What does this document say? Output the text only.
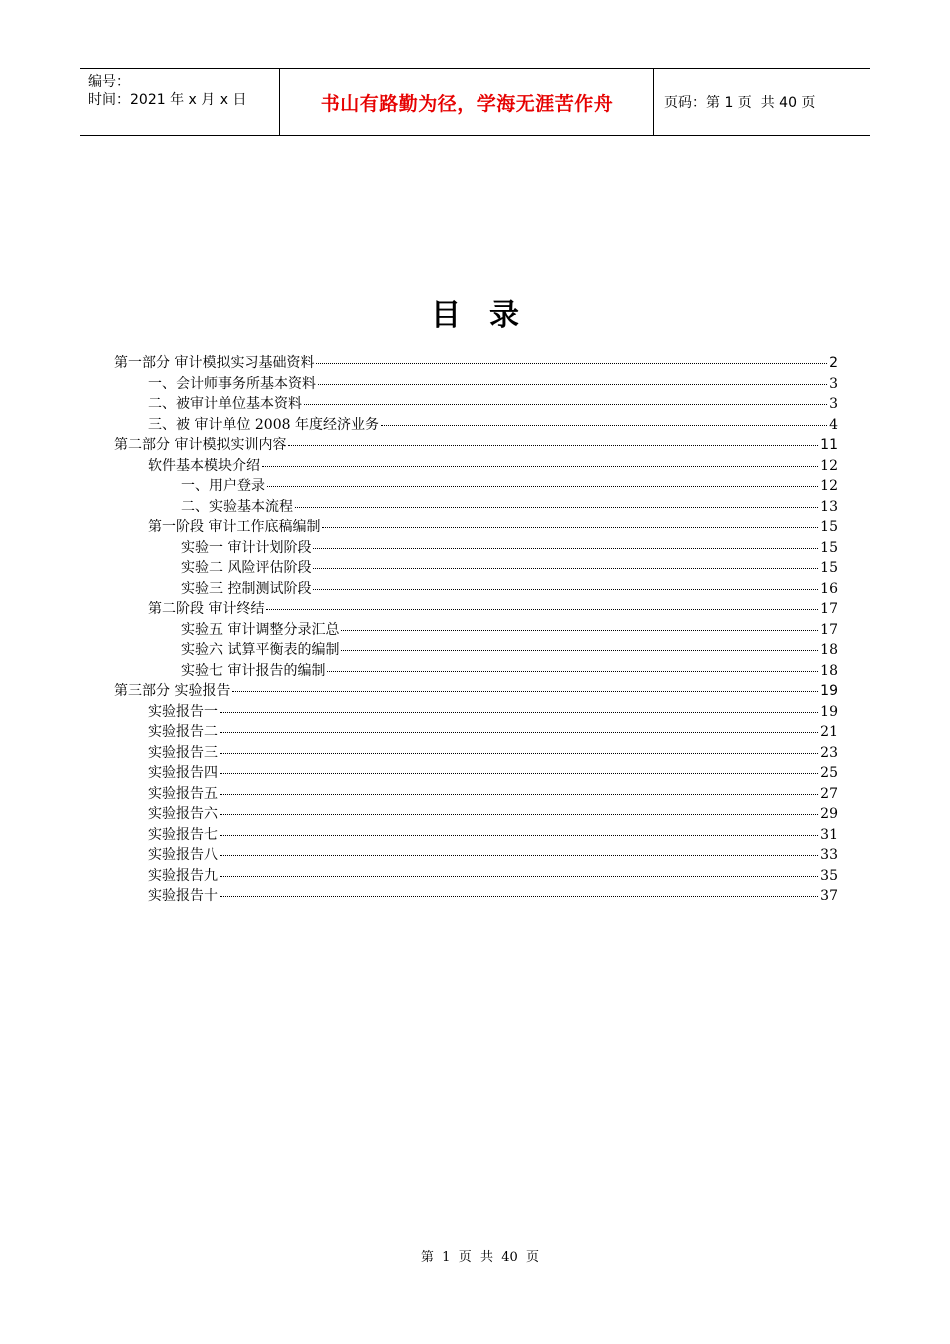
编号：
时间：2021 年 x 月 x 日	书山有路勤为径，学海无涯苦作舟	页码：第 1 页  共 40 页
目录
第一部分 审计模拟实习基础资料	2
一、会计师事务所基本资料	3
二、被审计单位基本资料	3
三、被 审计单位 2008 年度经济业务	4
第二部分 审计模拟实训内容	11
软件基本模块介绍	12
一、用户登录	12
二、实验基本流程	13
第一阶段 审计工作底稿编制	15
实验一 审计计划阶段	15
实验二 风险评估阶段	15
实验三 控制测试阶段	16
第二阶段 审计终结	17
实验五 审计调整分录汇总	17
实验六 试算平衡表的编制	18
实验七 审计报告的编制	18
第三部分 实验报告	19
实验报告一	19
实验报告二	21
实验报告三	23
实验报告四	25
实验报告五	27
实验报告六	29
实验报告七	31
实验报告八	33
实验报告九	35
实验报告十	37
第  1  页  共  40  页
